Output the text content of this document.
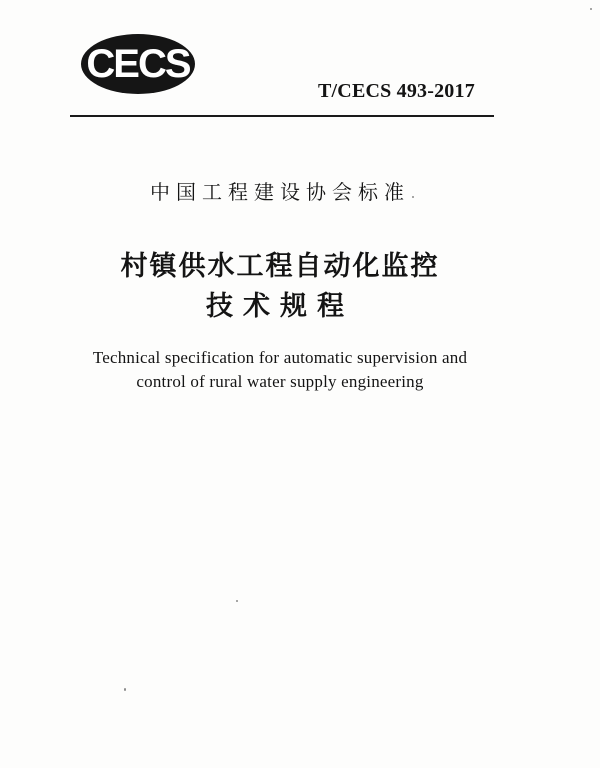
CECS
T/CECS 493-2017
中国工程建设协会标准
村镇供水工程自动化监控
技术规程
Technical specification for automatic supervision and
control of rural water supply engineering
